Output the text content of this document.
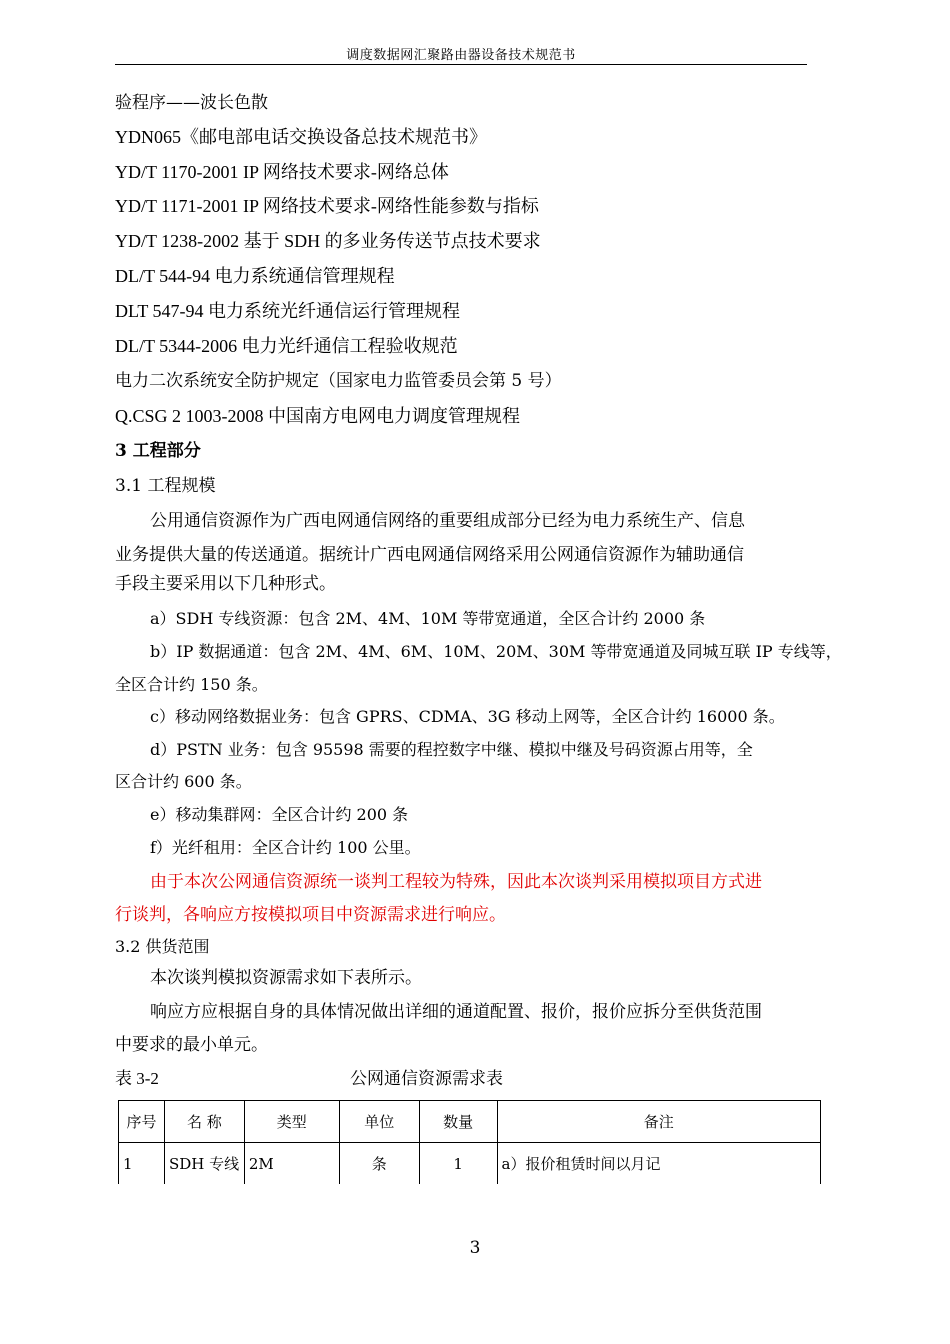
调度数据网汇聚路由器设备技术规范书
验程序——波长色散
YDN065《邮电部电话交换设备总技术规范书》
YD/T 1170-2001 IP 网络技术要求-网络总体
YD/T 1171-2001 IP 网络技术要求-网络性能参数与指标
YD/T 1238-2002 基于 SDH 的多业务传送节点技术要求
DL/T 544-94 电力系统通信管理规程
DLT 547-94 电力系统光纤通信运行管理规程
DL/T 5344-2006 电力光纤通信工程验收规范
电力二次系统安全防护规定（国家电力监管委员会第 5 号）
Q.CSG 2 1003-2008 中国南方电网电力调度管理规程
3 工程部分
3.1 工程规模
公用通信资源作为广西电网通信网络的重要组成部分已经为电力系统生产、信息
业务提供大量的传送通道。据统计广西电网通信网络采用公网通信资源作为辅助通信
手段主要采用以下几种形式。
a）SDH 专线资源：包含 2M、4M、10M 等带宽通道，全区合计约 2000 条
b）IP 数据通道：包含 2M、4M、6M、10M、20M、30M 等带宽通道及同城互联 IP 专线等，
全区合计约 150 条。
c）移动网络数据业务：包含 GPRS、CDMA、3G 移动上网等，全区合计约 16000 条。
d）PSTN 业务：包含 95598 需要的程控数字中继、模拟中继及号码资源占用等，全
区合计约 600 条。
e）移动集群网：全区合计约 200 条
f）光纤租用：全区合计约 100 公里。
由于本次公网通信资源统一谈判工程较为特殊，因此本次谈判采用模拟项目方式进
行谈判，各响应方按模拟项目中资源需求进行响应。
3.2 供货范围
本次谈判模拟资源需求如下表所示。
响应方应根据自身的具体情况做出详细的通道配置、报价，报价应拆分至供货范围
中要求的最小单元。
表 3-2	公网通信资源需求表
序号	名 称	类型	单位	数量	备注
1	SDH 专线	2M	条	1	a）报价租赁时间以月记
3
